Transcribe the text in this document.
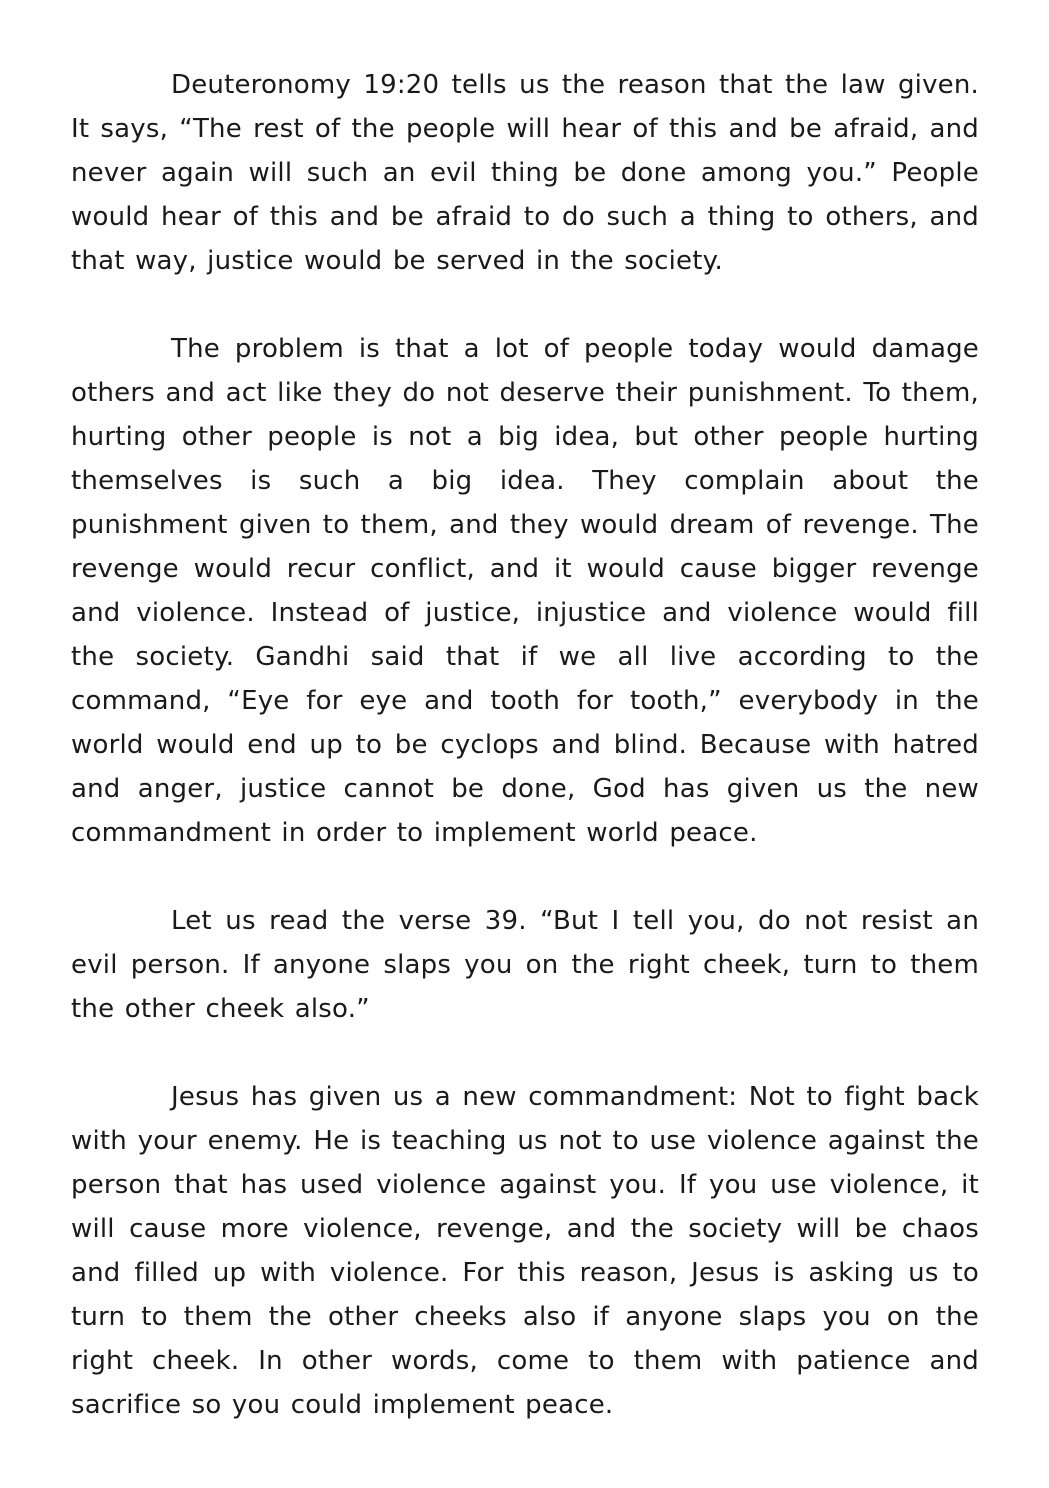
Deuteronomy 19:20 tells us the reason that the law given. It says, “The rest of the people will hear of this and be afraid, and never again will such an evil thing be done among you.” People would hear of this and be afraid to do such a thing to others, and that way, justice would be served in the society.

The problem is that a lot of people today would damage others and act like they do not deserve their punishment. To them, hurting other people is not a big idea, but other people hurting themselves is such a big idea. They complain about the punishment given to them, and they would dream of revenge. The revenge would recur conflict, and it would cause bigger revenge and violence. Instead of justice, injustice and violence would fill the society. Gandhi said that if we all live according to the command, “Eye for eye and tooth for tooth,” everybody in the world would end up to be cyclops and blind. Because with hatred and anger, justice cannot be done, God has given us the new commandment in order to implement world peace.

Let us read the verse 39. “But I tell you, do not resist an evil person. If anyone slaps you on the right cheek, turn to them the other cheek also.”

Jesus has given us a new commandment: Not to fight back with your enemy. He is teaching us not to use violence against the person that has used violence against you. If you use violence, it will cause more violence, revenge, and the society will be chaos and filled up with violence. For this reason, Jesus is asking us to turn to them the other cheeks also if anyone slaps you on the right cheek. In other words, come to them with patience and sacrifice so you could implement peace.
